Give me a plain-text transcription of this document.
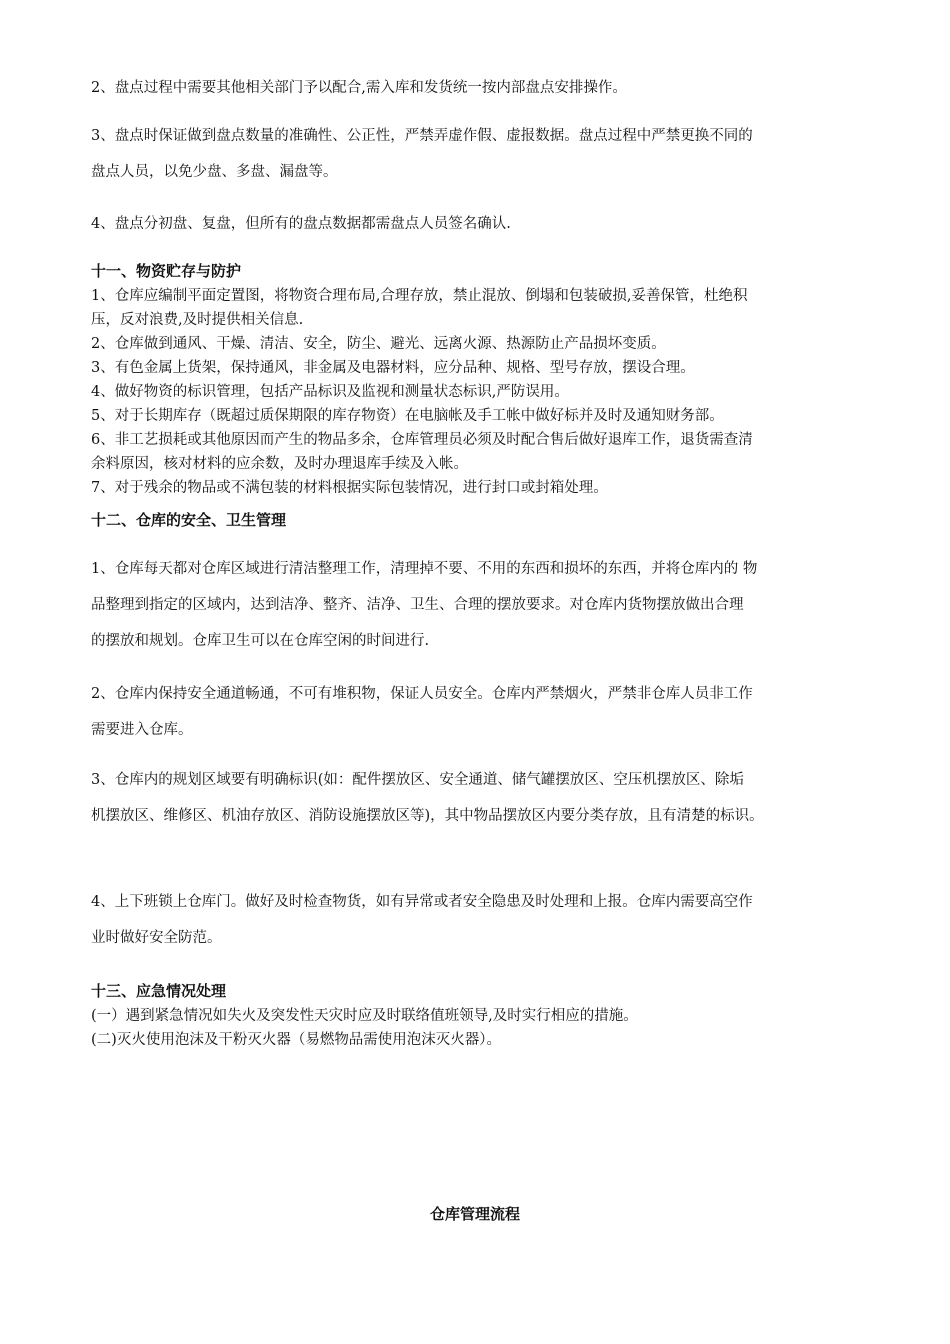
2、盘点过程中需要其他相关部门予以配合,需入库和发货统一按内部盘点安排操作。
3、盘点时保证做到盘点数量的准确性、公正性，严禁弄虚作假、虚报数据。盘点过程中严禁更换不同的
盘点人员，以免少盘、多盘、漏盘等。
4、盘点分初盘、复盘，但所有的盘点数据都需盘点人员签名确认.
十一、物资贮存与防护
1、仓库应编制平面定置图，将物资合理布局,合理存放，禁止混放、倒塌和包装破损,妥善保管，杜绝积
压，反对浪费,及时提供相关信息.
2、仓库做到通风、干燥、清洁、安全，防尘、避光、远离火源、热源防止产品损坏变质。
3、有色金属上货架，保持通风，非金属及电器材料，应分品种、规格、型号存放，摆设合理。
4、做好物资的标识管理，包括产品标识及监视和测量状态标识,严防误用。
5、对于长期库存（既超过质保期限的库存物资）在电脑帐及手工帐中做好标并及时及通知财务部。
6、非工艺损耗或其他原因而产生的物品多余，仓库管理员必须及时配合售后做好退库工作，退货需查清
余料原因，核对材料的应余数，及时办理退库手续及入帐。
7、对于残余的物品或不满包装的材料根据实际包装情况，进行封口或封箱处理。
十二、仓库的安全、卫生管理
1、仓库每天都对仓库区域进行清洁整理工作，清理掉不要、不用的东西和损坏的东西，并将仓库内的 物
品整理到指定的区域内，达到洁净、整齐、洁净、卫生、合理的摆放要求。对仓库内货物摆放做出合理
的摆放和规划。仓库卫生可以在仓库空闲的时间进行.
2、仓库内保持安全通道畅通，不可有堆积物，保证人员安全。仓库内严禁烟火，严禁非仓库人员非工作
需要进入仓库。
3、仓库内的规划区域要有明确标识(如：配件摆放区、安全通道、储气罐摆放区、空压机摆放区、除垢
机摆放区、维修区、机油存放区、消防设施摆放区等)，其中物品摆放区内要分类存放，且有清楚的标识。
4、上下班锁上仓库门。做好及时检查物货，如有异常或者安全隐患及时处理和上报。仓库内需要高空作
业时做好安全防范。
十三、应急情况处理
(一）遇到紧急情况如失火及突发性天灾时应及时联络值班领导,及时实行相应的措施。
(二)灭火使用泡沫及干粉灭火器（易燃物品需使用泡沫灭火器）。
仓库管理流程
